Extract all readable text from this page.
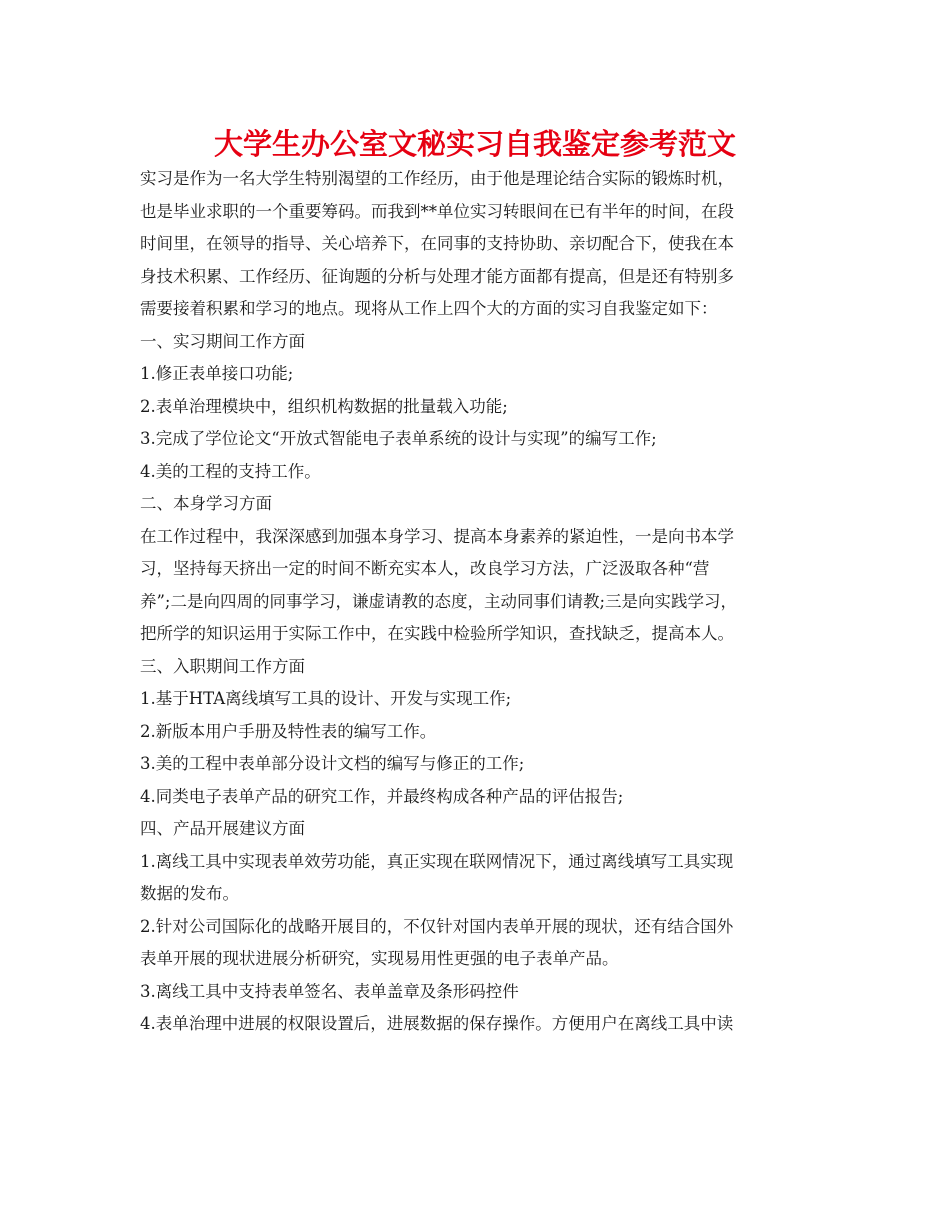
大学生办公室文秘实习自我鉴定参考范文
实习是作为一名大学生特别渴望的工作经历，由于他是理论结合实际的锻炼时机，
也是毕业求职的一个重要筹码。而我到**单位实习转眼间在已有半年的时间，在段
时间里，在领导的指导、关心培养下，在同事的支持协助、亲切配合下，使我在本
身技术积累、工作经历、征询题的分析与处理才能方面都有提高，但是还有特别多
需要接着积累和学习的地点。现将从工作上四个大的方面的实习自我鉴定如下：
一、实习期间工作方面
1.修正表单接口功能;
2.表单治理模块中，组织机构数据的批量载入功能;
3.完成了学位论文“开放式智能电子表单系统的设计与实现”的编写工作;
4.美的工程的支持工作。
二、本身学习方面
在工作过程中，我深深感到加强本身学习、提高本身素养的紧迫性，一是向书本学
习，坚持每天挤出一定的时间不断充实本人，改良学习方法，广泛汲取各种“营
养”;二是向四周的同事学习，谦虚请教的态度，主动同事们请教;三是向实践学习，
把所学的知识运用于实际工作中，在实践中检验所学知识，查找缺乏，提高本人。
三、入职期间工作方面
1.基于HTA离线填写工具的设计、开发与实现工作;
2.新版本用户手册及特性表的编写工作。
3.美的工程中表单部分设计文档的编写与修正的工作;
4.同类电子表单产品的研究工作，并最终构成各种产品的评估报告;
四、产品开展建议方面
1.离线工具中实现表单效劳功能，真正实现在联网情况下，通过离线填写工具实现
数据的发布。
2.针对公司国际化的战略开展目的，不仅针对国内表单开展的现状，还有结合国外
表单开展的现状进展分析研究，实现易用性更强的电子表单产品。
3.离线工具中支持表单签名、表单盖章及条形码控件
4.表单治理中进展的权限设置后，进展数据的保存操作。方便用户在离线工具中读
